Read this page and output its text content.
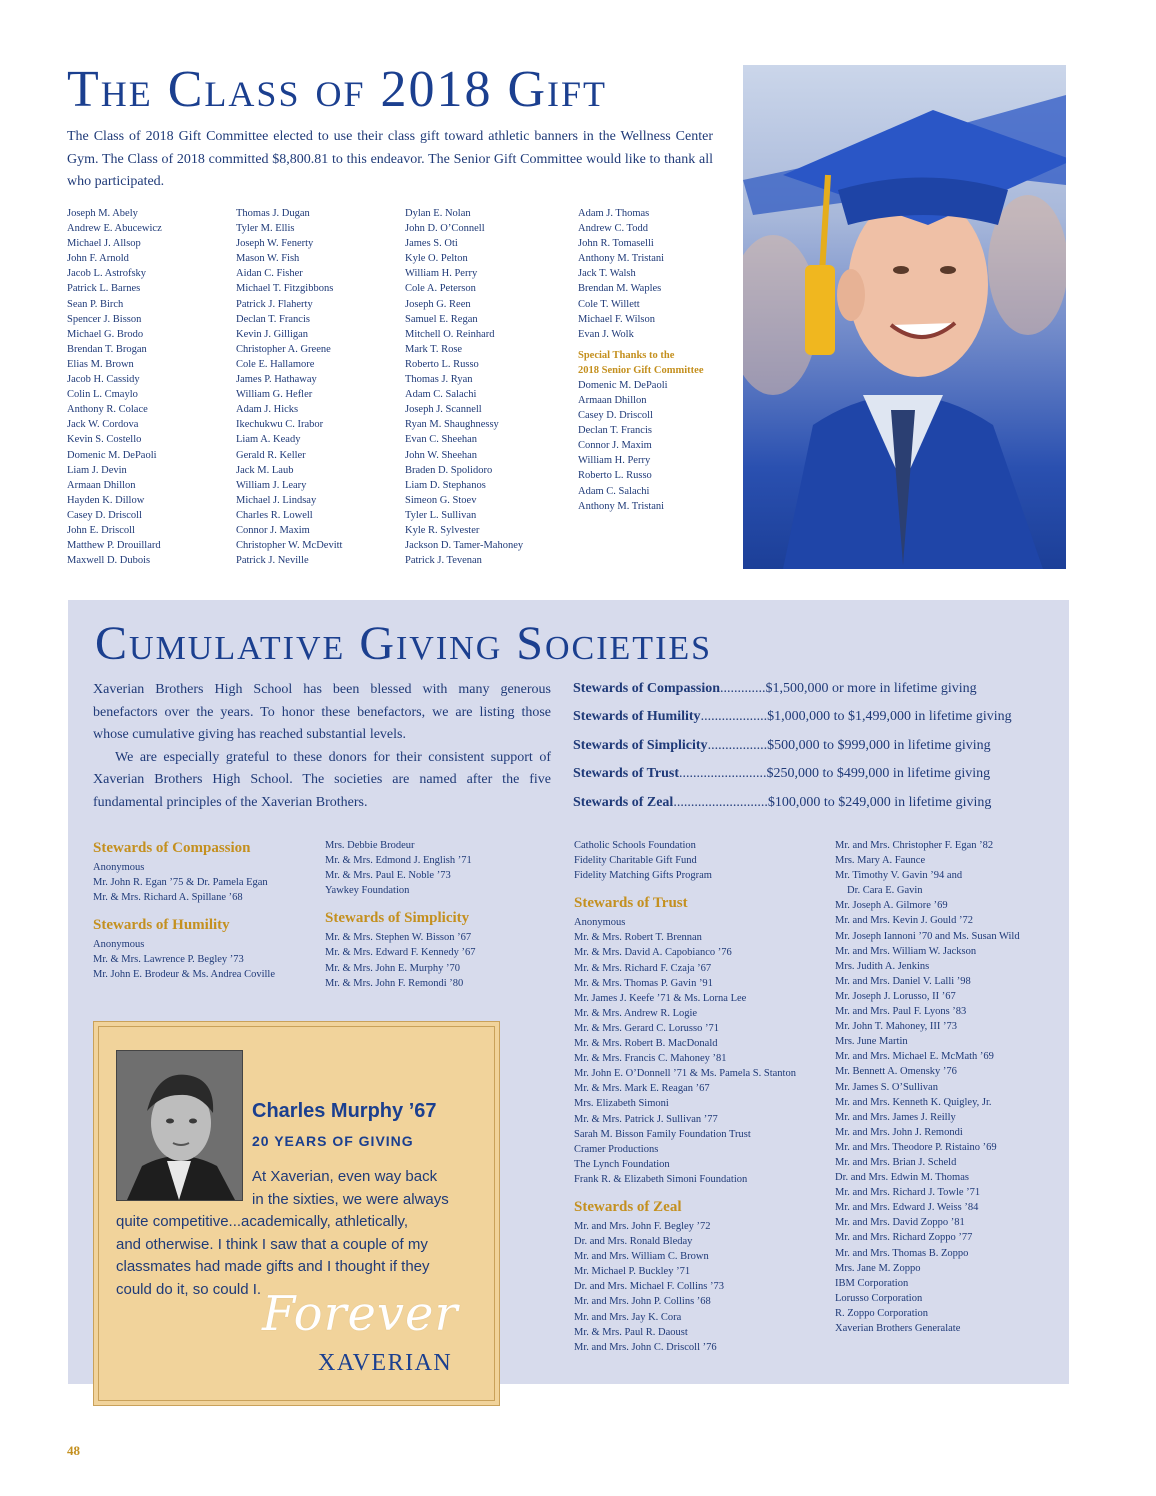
The Class of 2018 Gift

The Class of 2018 Gift Committee elected to use their class gift toward athletic banners in the Wellness Center Gym. The Class of 2018 committed $8,800.81 to this endeavor. The Senior Gift Committee would like to thank all who participated.

Joseph M. Abely
Andrew E. Abucewicz
Michael J. Allsop
John F. Arnold
Jacob L. Astrofsky
Patrick L. Barnes
Sean P. Birch
Spencer J. Bisson
Michael G. Brodo
Brendan T. Brogan
Elias M. Brown
Jacob H. Cassidy
Colin L. Cmaylo
Anthony R. Colace
Jack W. Cordova
Kevin S. Costello
Domenic M. DePaoli
Liam J. Devin
Armaan Dhillon
Hayden K. Dillow
Casey D. Driscoll
John E. Driscoll
Matthew P. Drouillard
Maxwell D. Dubois
Thomas J. Dugan
Tyler M. Ellis
Joseph W. Fenerty
Mason W. Fish
Aidan C. Fisher
Michael T. Fitzgibbons
Patrick J. Flaherty
Declan T. Francis
Kevin J. Gilligan
Christopher A. Greene
Cole E. Hallamore
James P. Hathaway
William G. Hefler
Adam J. Hicks
Ikechukwu C. Irabor
Liam A. Keady
Gerald R. Keller
Jack M. Laub
William J. Leary
Michael J. Lindsay
Charles R. Lowell
Connor J. Maxim
Christopher W. McDevitt
Patrick J. Neville
Dylan E. Nolan
John D. O’Connell
James S. Oti
Kyle O. Pelton
William H. Perry
Cole A. Peterson
Joseph G. Reen
Samuel E. Regan
Mitchell O. Reinhard
Mark T. Rose
Roberto L. Russo
Thomas J. Ryan
Adam C. Salachi
Joseph J. Scannell
Ryan M. Shaughnessy
Evan C. Sheehan
John W. Sheehan
Braden D. Spolidoro
Liam D. Stephanos
Simeon G. Stoev
Tyler L. Sullivan
Kyle R. Sylvester
Jackson D. Tamer-Mahoney
Patrick J. Tevenan
Adam J. Thomas
Andrew C. Todd
John R. Tomaselli
Anthony M. Tristani
Jack T. Walsh
Brendan M. Waples
Cole T. Willett
Michael F. Wilson
Evan J. Wolk
Special Thanks to the
2018 Senior Gift Committee
Domenic M. DePaoli
Armaan Dhillon
Casey D. Driscoll
Declan T. Francis
Connor J. Maxim
William H. Perry
Roberto L. Russo
Adam C. Salachi
Anthony M. Tristani
Cumulative Giving Societies

Xaverian Brothers High School has been blessed with many generous benefactors over the years. To honor these benefactors, we are listing those whose cumulative giving has reached substantial levels.

We are especially grateful to these donors for their consistent support of Xaverian Brothers High School. The societies are named after the five fundamental principles of the Xaverian Brothers.

Stewards of Compassion ............. $1,500,000 or more in lifetime giving
Stewards of Humility ................... $1,000,000 to $1,499,000 in lifetime giving
Stewards of Simplicity ................. $500,000 to $999,000 in lifetime giving
Stewards of Trust ......................... $250,000 to $499,000 in lifetime giving
Stewards of Zeal ........................... $100,000 to $249,000 in lifetime giving
Stewards of Compassion
Anonymous
Mr. John R. Egan ’75 & Dr. Pamela Egan
Mr. & Mrs. Richard A. Spillane ’68
Stewards of Humility
Anonymous
Mr. & Mrs. Lawrence P. Begley ’73
Mr. John E. Brodeur & Ms. Andrea Coville
Mrs. Debbie Brodeur
Mr. & Mrs. Edmond J. English ’71
Mr. & Mrs. Paul E. Noble ’73
Yawkey Foundation
Stewards of Simplicity
Mr. & Mrs. Stephen W. Bisson ’67
Mr. & Mrs. Edward F. Kennedy ’67
Mr. & Mrs. John E. Murphy ’70
Mr. & Mrs. John F. Remondi ’80
Catholic Schools Foundation
Fidelity Charitable Gift Fund
Fidelity Matching Gifts Program
Stewards of Trust
Anonymous
Mr. & Mrs. Robert T. Brennan
Mr. & Mrs. David A. Capobianco ’76
Mr. & Mrs. Richard F. Czaja ’67
Mr. & Mrs. Thomas P. Gavin ’91
Mr. James J. Keefe ’71 & Ms. Lorna Lee
Mr. & Mrs. Andrew R. Logie
Mr. & Mrs. Gerard C. Lorusso ’71
Mr. & Mrs. Robert B. MacDonald
Mr. & Mrs. Francis C. Mahoney ’81
Mr. John E. O’Donnell ’71 & Ms. Pamela S. Stanton
Mr. & Mrs. Mark E. Reagan ’67
Mrs. Elizabeth Simoni
Mr. & Mrs. Patrick J. Sullivan ’77
Sarah M. Bisson Family Foundation Trust
Cramer Productions
The Lynch Foundation
Frank R. & Elizabeth Simoni Foundation
Stewards of Zeal
Mr. and Mrs. John F. Begley ’72
Dr. and Mrs. Ronald Bleday
Mr. and Mrs. William C. Brown
Mr. Michael P. Buckley ’71
Dr. and Mrs. Michael F. Collins ’73
Mr. and Mrs. John P. Collins ’68
Mr. and Mrs. Jay K. Cora
Mr. & Mrs. Paul R. Daoust
Mr. and Mrs. John C. Driscoll ’76
Mr. and Mrs. Christopher F. Egan ’82
Mrs. Mary A. Faunce
Mr. Timothy V. Gavin ’94 and
Dr. Cara E. Gavin
Mr. Joseph A. Gilmore ’69
Mr. and Mrs. Kevin J. Gould ’72
Mr. Joseph Iannoni ’70 and Ms. Susan Wild
Mr. and Mrs. William W. Jackson
Mrs. Judith A. Jenkins
Mr. and Mrs. Daniel V. Lalli ’98
Mr. Joseph J. Lorusso, II ’67
Mr. and Mrs. Paul F. Lyons ’83
Mr. John T. Mahoney, III ’73
Mrs. June Martin
Mr. and Mrs. Michael E. McMath ’69
Mr. Bennett A. Omensky ’76
Mr. James S. O’Sullivan
Mr. and Mrs. Kenneth K. Quigley, Jr.
Mr. and Mrs. James J. Reilly
Mr. and Mrs. John J. Remondi
Mr. and Mrs. Theodore P. Ristaino ’69
Mr. and Mrs. Brian J. Scheld
Dr. and Mrs. Edwin M. Thomas
Mr. and Mrs. Richard J. Towle ’71
Mr. and Mrs. Edward J. Weiss ’84
Mr. and Mrs. David Zoppo ’81
Mr. and Mrs. Richard Zoppo ’77
Mr. and Mrs. Thomas B. Zoppo
Mrs. Jane M. Zoppo
IBM Corporation
Lorusso Corporation
R. Zoppo Corporation
Xaverian Brothers Generalate
Charles Murphy ’67
20 YEARS OF GIVING
At Xaverian, even way back
in the sixties, we were always
quite competitive...academically, athletically,
and otherwise. I think I saw that a couple of my
classmates had made gifts and I thought if they
could do it, so could I. Forever
XAVERIAN
48
